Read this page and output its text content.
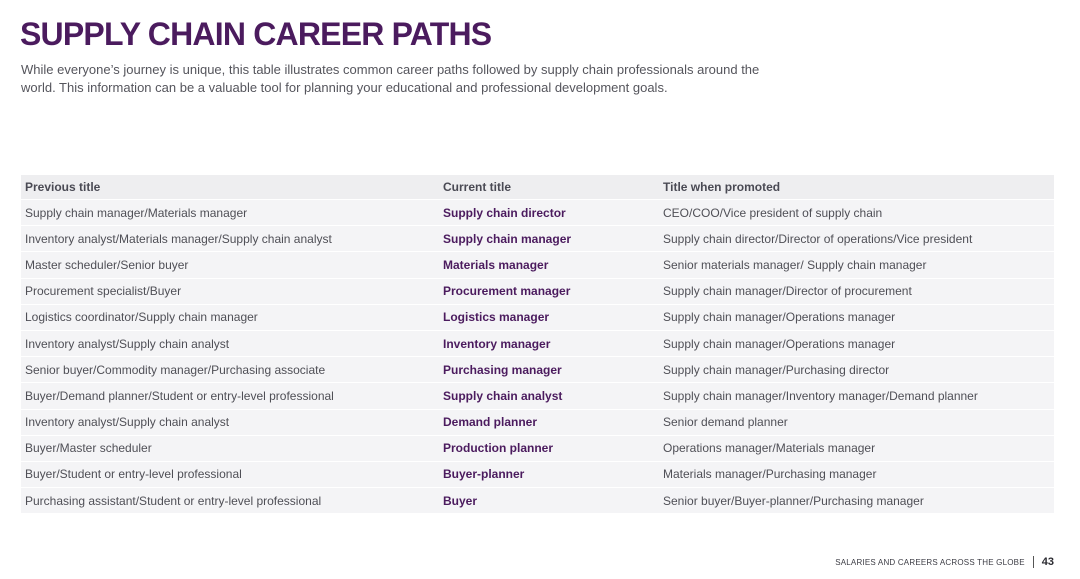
SUPPLY CHAIN CAREER PATHS

While everyone’s journey is unique, this table illustrates common career paths followed by supply chain professionals around the world. This information can be a valuable tool for planning your educational and professional development goals.

Previous title	Current title	Title when promoted
Supply chain manager/Materials manager	Supply chain director	CEO/COO/Vice president of supply chain
Inventory analyst/Materials manager/Supply chain analyst	Supply chain manager	Supply chain director/Director of operations/Vice president
Master scheduler/Senior buyer	Materials manager	Senior materials manager/ Supply chain manager
Procurement specialist/Buyer	Procurement manager	Supply chain manager/Director of procurement
Logistics coordinator/Supply chain manager	Logistics manager	Supply chain manager/Operations manager
Inventory analyst/Supply chain analyst	Inventory manager	Supply chain manager/Operations manager
Senior buyer/Commodity manager/Purchasing associate	Purchasing manager	Supply chain manager/Purchasing director
Buyer/Demand planner/Student or entry-level professional	Supply chain analyst	Supply chain manager/Inventory manager/Demand planner
Inventory analyst/Supply chain analyst	Demand planner	Senior demand planner
Buyer/Master scheduler	Production planner	Operations manager/Materials manager
Buyer/Student or entry-level professional	Buyer-planner	Materials manager/Purchasing manager
Purchasing assistant/Student or entry-level professional	Buyer	Senior buyer/Buyer-planner/Purchasing manager
SALARIES AND CAREERS ACROSS THE GLOBE 43
